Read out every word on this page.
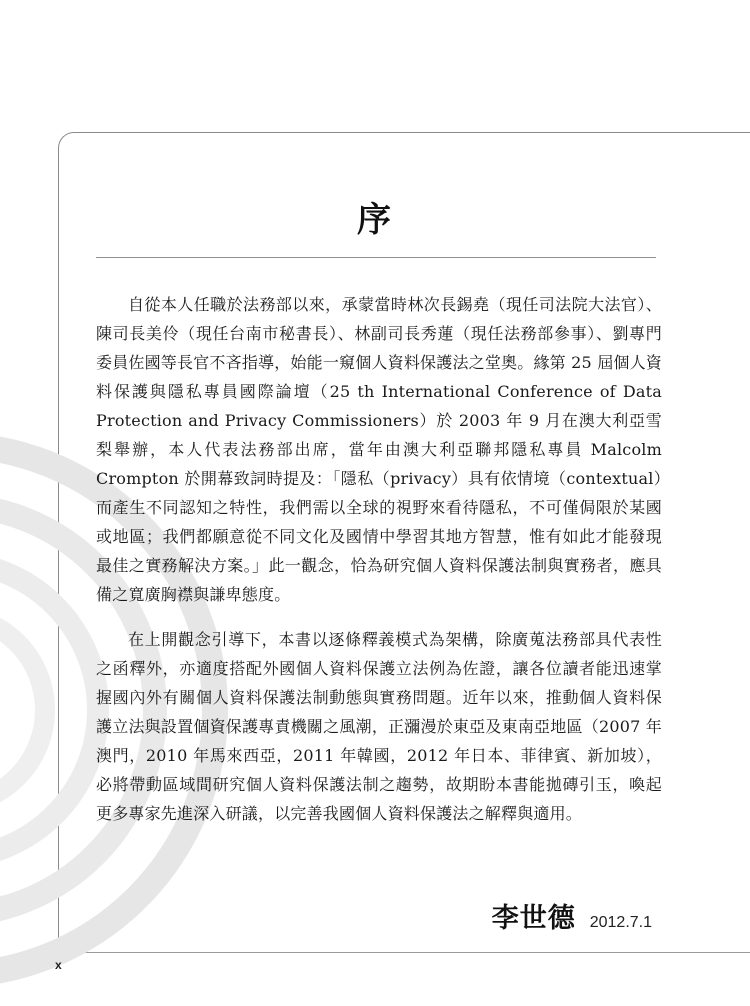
序

自從本人任職於法務部以來，承蒙當時林次長錫堯（現任司法院大法官）、陳司長美伶（現任台南市秘書長）、林副司長秀蓮（現任法務部參事）、劉專門委員佐國等長官不吝指導，始能一窺個人資料保護法之堂奧。緣第 25 屆個人資料保護與隱私專員國際論壇（25 th International Conference of Data Protection and Privacy Commissioners）於 2003 年 9 月在澳大利亞雪梨舉辦，本人代表法務部出席，當年由澳大利亞聯邦隱私專員 Malcolm Crompton 於開幕致詞時提及：「隱私（privacy）具有依情境（contextual）而產生不同認知之特性，我們需以全球的視野來看待隱私，不可僅侷限於某國或地區；我們都願意從不同文化及國情中學習其地方智慧，惟有如此才能發現最佳之實務解決方案。」此一觀念，恰為研究個人資料保護法制與實務者，應具備之寬廣胸襟與謙卑態度。

在上開觀念引導下，本書以逐條釋義模式為架構，除廣蒐法務部具代表性之函釋外，亦適度搭配外國個人資料保護立法例為佐證，讓各位讀者能迅速掌握國內外有關個人資料保護法制動態與實務問題。近年以來，推動個人資料保護立法與設置個資保護專責機關之風潮，正瀰漫於東亞及東南亞地區（2007 年澳門，2010 年馬來西亞，2011 年韓國，2012 年日本、菲律賓、新加坡），必將帶動區域間研究個人資料保護法制之趨勢，故期盼本書能拋磚引玉，喚起更多專家先進深入研議，以完善我國個人資料保護法之解釋與適用。

李世德 2012.7.1
x
